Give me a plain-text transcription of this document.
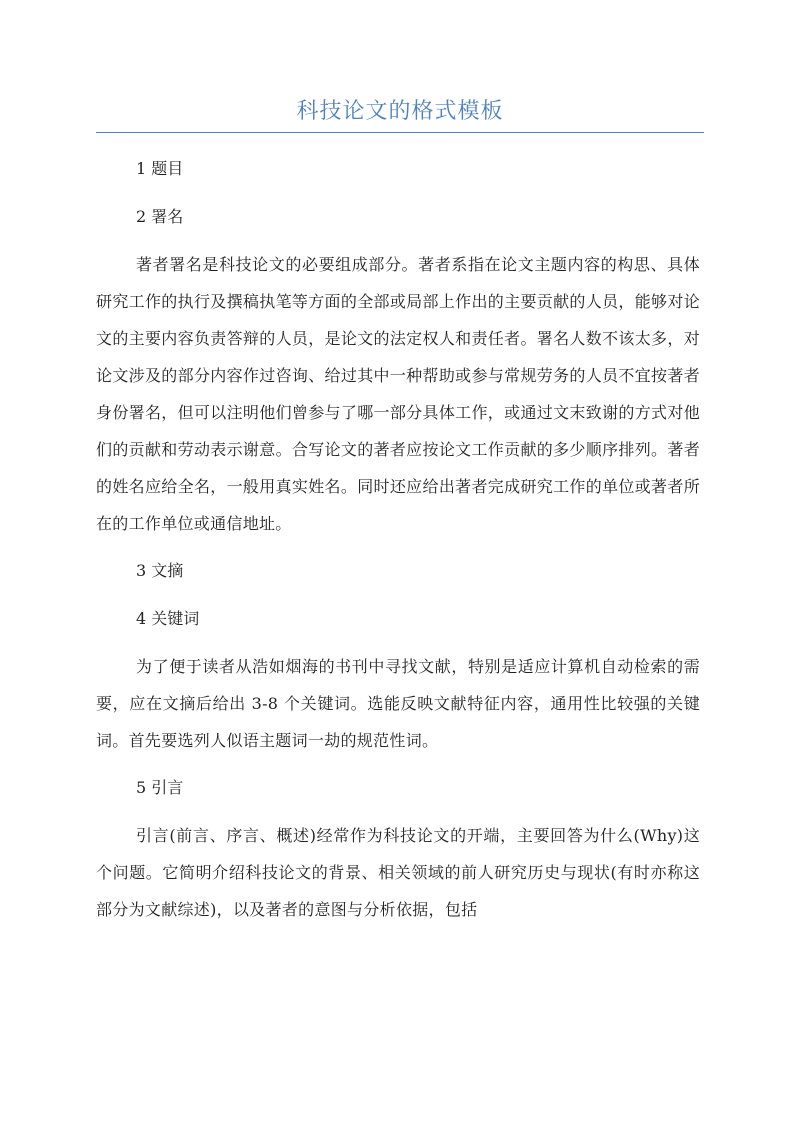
科技论文的格式模板

1 题目

2 署名

著者署名是科技论文的必要组成部分。著者系指在论文主题内容的构思、具体研究工作的执行及撰稿执笔等方面的全部或局部上作出的主要贡献的人员，能够对论文的主要内容负责答辩的人员，是论文的法定权人和责任者。署名人数不该太多，对论文涉及的部分内容作过咨询、给过其中一种帮助或参与常规劳务的人员不宜按著者身份署名，但可以注明他们曾参与了哪一部分具体工作，或通过文末致谢的方式对他们的贡献和劳动表示谢意。合写论文的著者应按论文工作贡献的多少顺序排列。著者的姓名应给全名，一般用真实姓名。同时还应给出著者完成研究工作的单位或著者所在的工作单位或通信地址。

3 文摘

4 关键词

为了便于读者从浩如烟海的书刊中寻找文献，特别是适应计算机自动检索的需要，应在文摘后给出 3-8 个关键词。选能反映文献特征内容，通用性比较强的关键词。首先要选列人似语主题词一劫的规范性词。

5 引言

引言(前言、序言、概述)经常作为科技论文的开端，主要回答为什么(Why)这个问题。它简明介绍科技论文的背景、相关领域的前人研究历史与现状(有时亦称这部分为文献综述)，以及著者的意图与分析依据，包括
